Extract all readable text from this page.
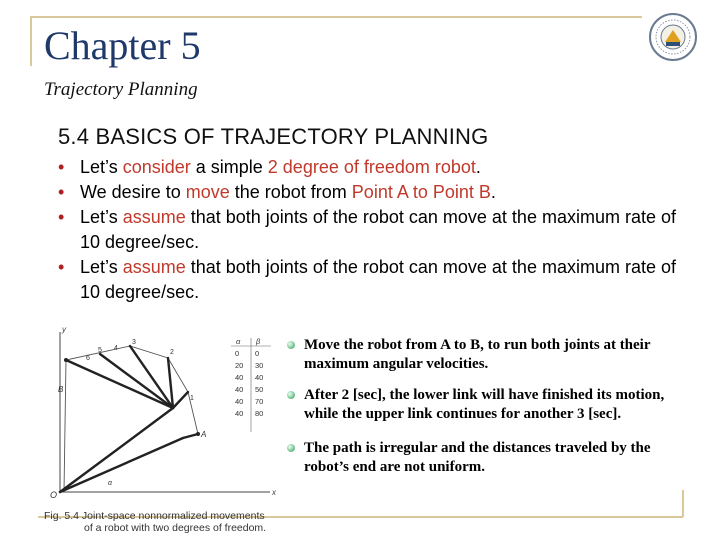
Chapter 5
Trajectory Planning
5.4 BASICS OF TRAJECTORY PLANNING
• Let’s consider a simple 2 degree of freedom robot.
• We desire to move the robot from Point A to Point B.
• Let’s assume that both joints of the robot can move at the maximum rate of 10 degree/sec.
• Let’s assume that both joints of the robot can move at the maximum rate of 10 degree/sec.
y
x
O
A
B
α
1
2
3
4
5
6
α β
0 0
20 30
40 40
40 50
40 70
40 80
Fig. 5.4 Joint-space nonnormalized movements
of a robot with two degrees of freedom.
Move the robot from A to B, to run both joints at their maximum angular velocities.
After 2 [sec], the lower link will have finished its motion, while the upper link continues for another 3 [sec].
The path is irregular and the distances traveled by the robot’s end are not uniform.
